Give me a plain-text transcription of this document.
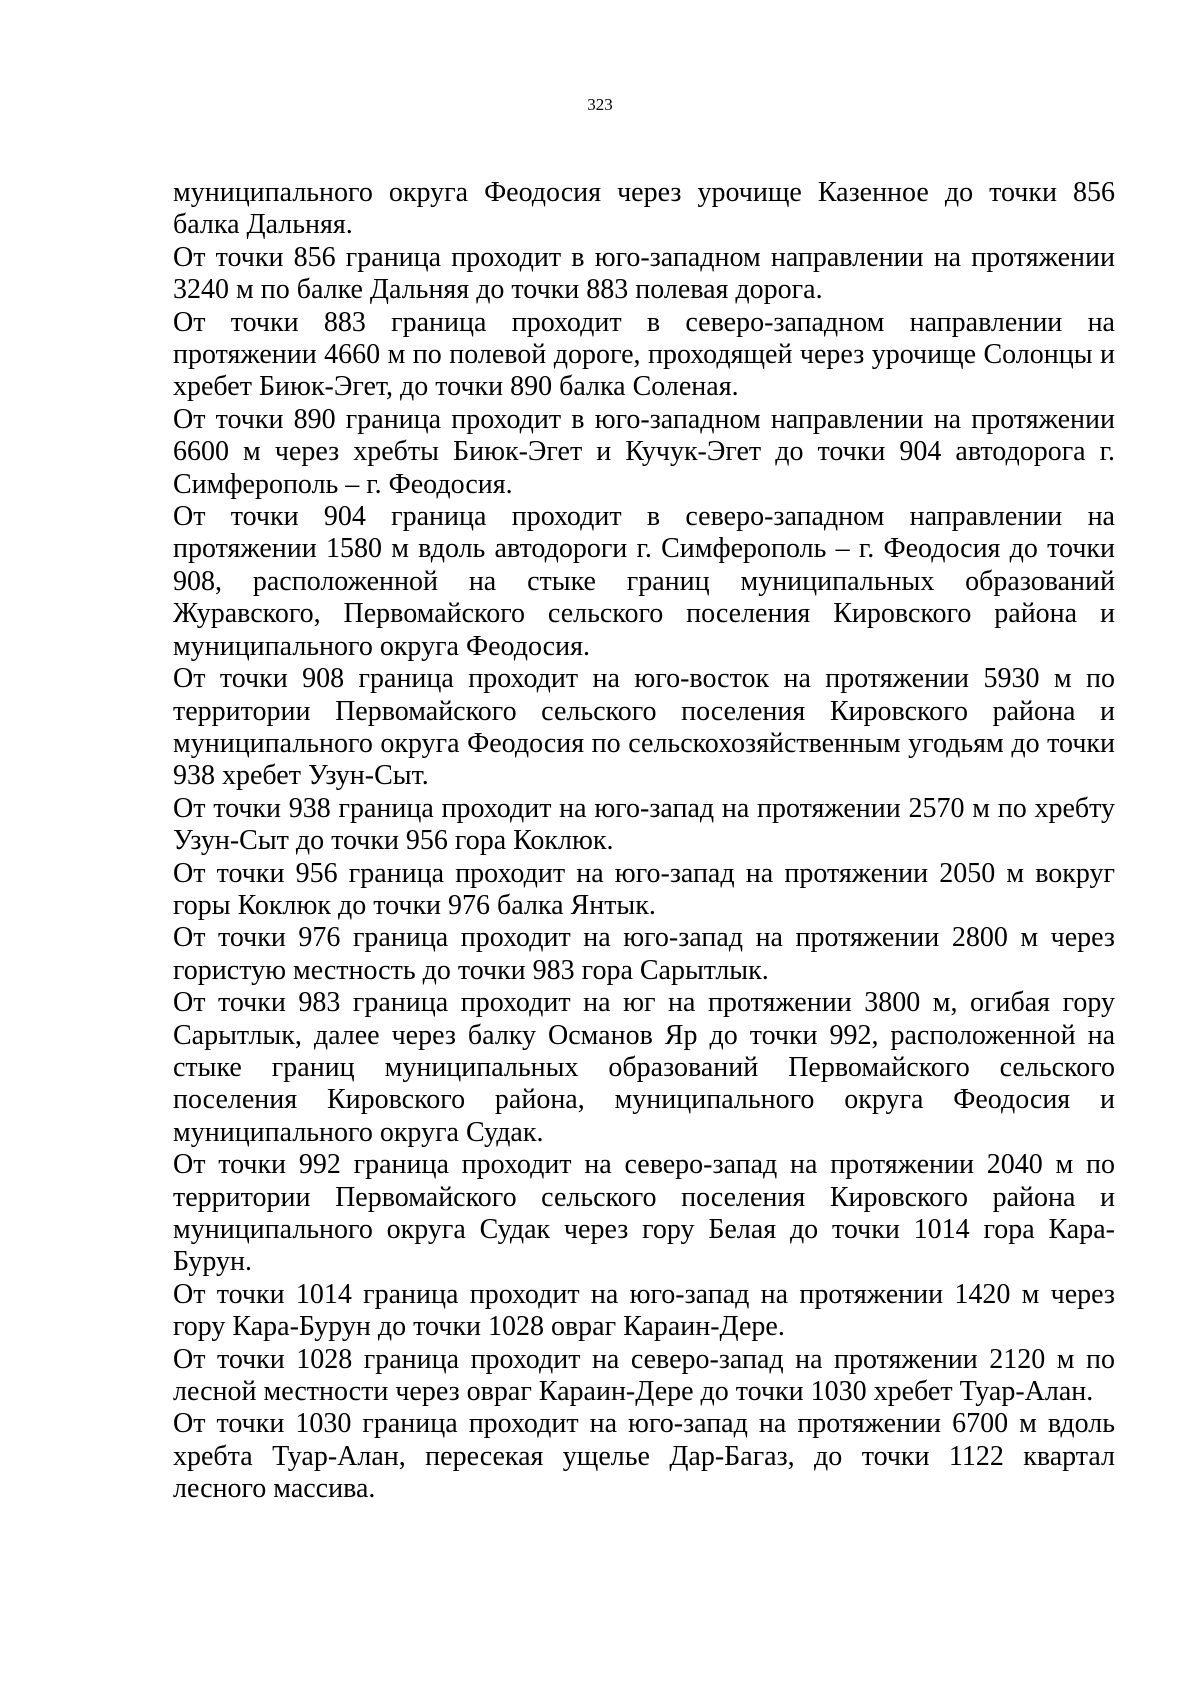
323

муниципального округа Феодосия через урочище Казенное до точки 856 балка Дальняя.

От точки 856 граница проходит в юго-западном направлении на протяжении 3240 м по балке Дальняя до точки 883 полевая дорога.

От точки 883 граница проходит в северо-западном направлении на протяжении 4660 м по полевой дороге, проходящей через урочище Солонцы и хребет Биюк-Эгет, до точки 890 балка Соленая.

От точки 890 граница проходит в юго-западном направлении на протяжении 6600 м через хребты Биюк-Эгет и Кучук-Эгет до точки 904 автодорога г. Симферополь – г. Феодосия.

От точки 904 граница проходит в северо-западном направлении на протяжении 1580 м вдоль автодороги г. Симферополь – г. Феодосия до точки 908, расположенной на стыке границ муниципальных образований Журавского, Первомайского сельского поселения Кировского района и муниципального округа Феодосия.

От точки 908 граница проходит на юго-восток на протяжении 5930 м по территории Первомайского сельского поселения Кировского района и муниципального округа Феодосия по сельскохозяйственным угодьям до точки 938 хребет Узун-Сыт.

От точки 938 граница проходит на юго-запад на протяжении 2570 м по хребту Узун-Сыт до точки 956 гора Коклюк.

От точки 956 граница проходит на юго-запад на протяжении 2050 м вокруг горы Коклюк до точки 976 балка Янтык.

От точки 976 граница проходит на юго-запад на протяжении 2800 м через гористую местность до точки 983 гора Сарытлык.

От точки 983 граница проходит на юг на протяжении 3800 м, огибая гору Сарытлык, далее через балку Османов Яр до точки 992, расположенной на стыке границ муниципальных образований Первомайского сельского поселения Кировского района, муниципального округа Феодосия и муниципального округа Судак.

От точки 992 граница проходит на северо-запад на протяжении 2040 м по территории Первомайского сельского поселения Кировского района и муниципального округа Судак через гору Белая до точки 1014 гора Кара-Бурун.

От точки 1014 граница проходит на юго-запад на протяжении 1420 м через гору Кара-Бурун до точки 1028 овраг Караин-Дере.

От точки 1028 граница проходит на северо-запад на протяжении 2120 м по лесной местности через овраг Караин-Дере до точки 1030 хребет Туар-Алан.

От точки 1030 граница проходит на юго-запад на протяжении 6700 м вдоль хребта Туар-Алан, пересекая ущелье Дар-Багаз, до точки 1122 квартал лесного массива.
